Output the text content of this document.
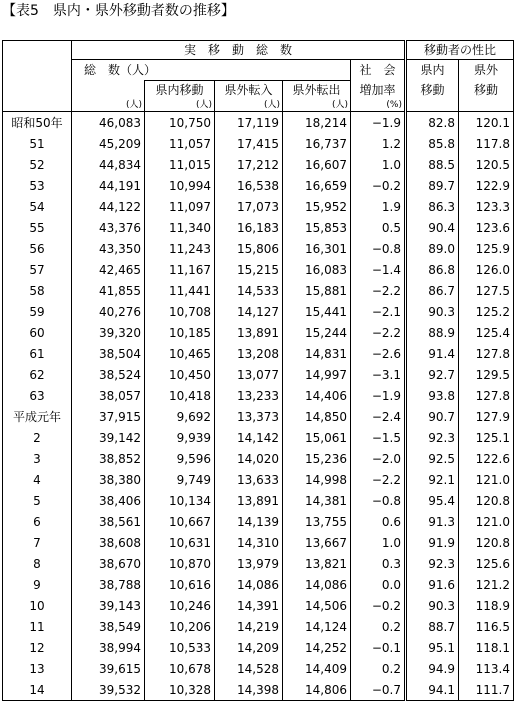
【表5　県内・県外移動者数の推移】
	実　移　動　総　数					移動者の性比	
	総　数（人）				社　会	県内	県外
		県内移動	県外転入	県外転出	増加率	移動	移動
	(人)	(人)	(人)	(人)	(%)		
昭和50年	46,083	10,750	17,119	18,214	−1.9	82.8	120.1
51	45,209	11,057	17,415	16,737	1.2	85.8	117.8
52	44,834	11,015	17,212	16,607	1.0	88.5	120.5
53	44,191	10,994	16,538	16,659	−0.2	89.7	122.9
54	44,122	11,097	17,073	15,952	1.9	86.3	123.3
55	43,376	11,340	16,183	15,853	0.5	90.4	123.6
56	43,350	11,243	15,806	16,301	−0.8	89.0	125.9
57	42,465	11,167	15,215	16,083	−1.4	86.8	126.0
58	41,855	11,441	14,533	15,881	−2.2	86.7	127.5
59	40,276	10,708	14,127	15,441	−2.1	90.3	125.2
60	39,320	10,185	13,891	15,244	−2.2	88.9	125.4
61	38,504	10,465	13,208	14,831	−2.6	91.4	127.8
62	38,524	10,450	13,077	14,997	−3.1	92.7	129.5
63	38,057	10,418	13,233	14,406	−1.9	93.8	127.8
平成元年	37,915	9,692	13,373	14,850	−2.4	90.7	127.9
2	39,142	9,939	14,142	15,061	−1.5	92.3	125.1
3	38,852	9,596	14,020	15,236	−2.0	92.5	122.6
4	38,380	9,749	13,633	14,998	−2.2	92.1	121.0
5	38,406	10,134	13,891	14,381	−0.8	95.4	120.8
6	38,561	10,667	14,139	13,755	0.6	91.3	121.0
7	38,608	10,631	14,310	13,667	1.0	91.9	120.8
8	38,670	10,870	13,979	13,821	0.3	92.3	125.6
9	38,788	10,616	14,086	14,086	0.0	91.6	121.2
10	39,143	10,246	14,391	14,506	−0.2	90.3	118.9
11	38,549	10,206	14,219	14,124	0.2	88.7	116.5
12	38,994	10,533	14,209	14,252	−0.1	95.1	118.1
13	39,615	10,678	14,528	14,409	0.2	94.9	113.4
14	39,532	10,328	14,398	14,806	−0.7	94.1	111.7
